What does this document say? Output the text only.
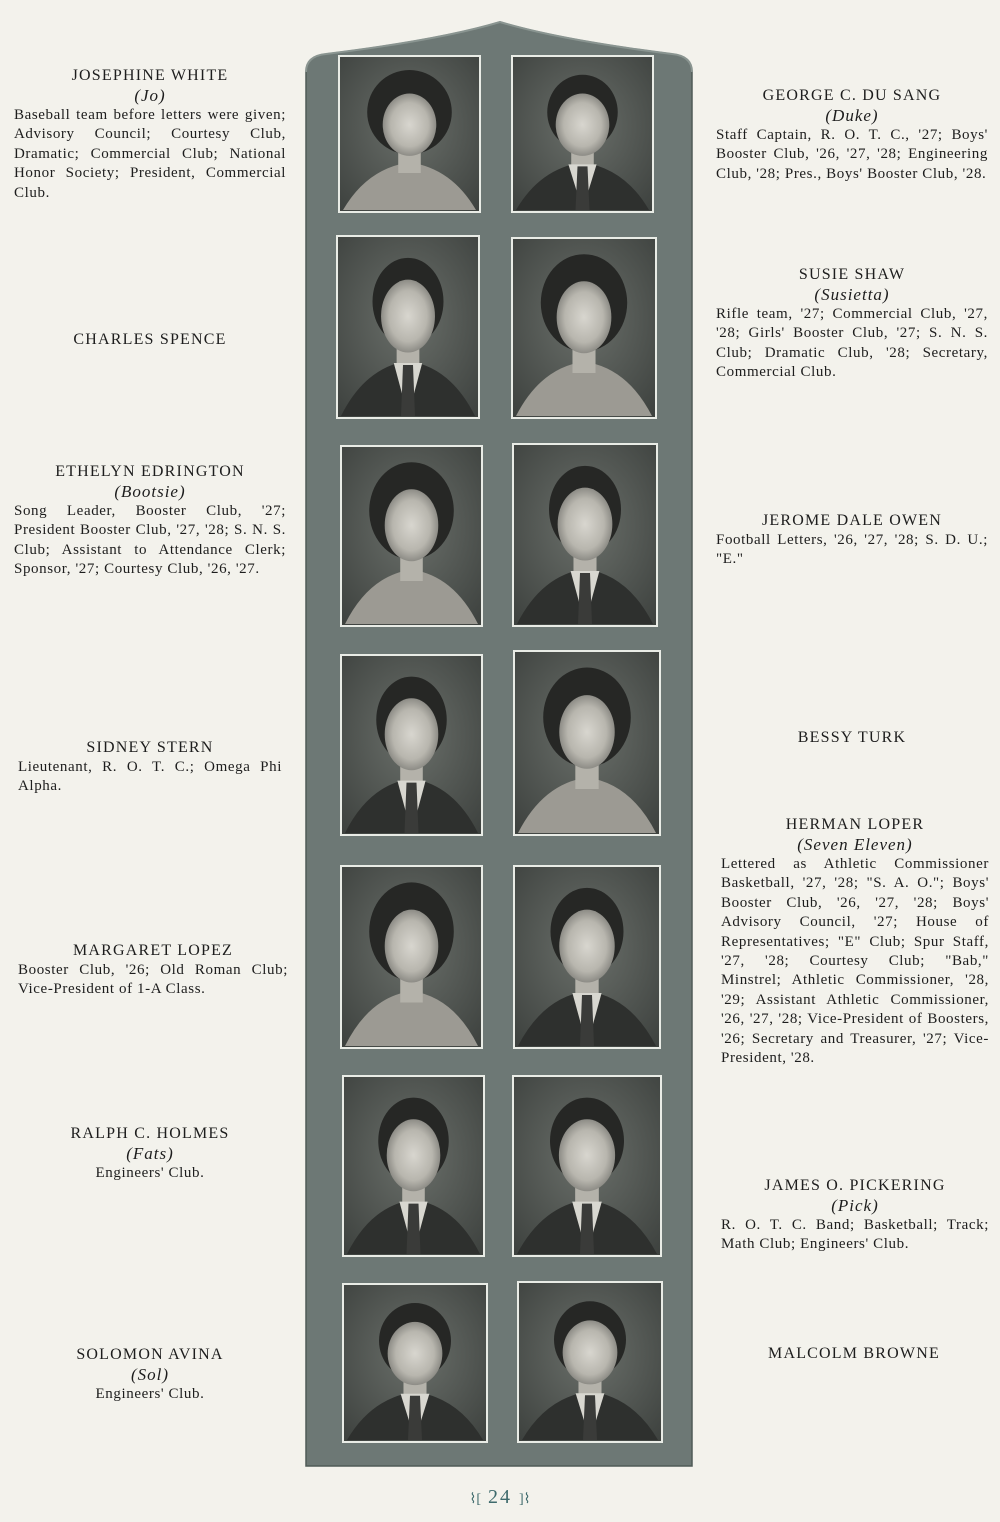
JOSEPHINE WHITE

(Jo)

Baseball team before letters were given; Advisory Council; Courtesy Club, Dramatic; Commercial Club; National Honor Society; President, Commercial Club.

CHARLES SPENCE

ETHELYN EDRINGTON

(Bootsie)

Song Leader, Booster Club, '27; President Booster Club, '27, '28; S. N. S. Club; Assistant to Attendance Clerk; Sponsor, '27; Courtesy Club, '26, '27.

SIDNEY STERN

Lieutenant, R. O. T. C.; Omega Phi Alpha.

MARGARET LOPEZ

Booster Club, '26; Old Roman Club; Vice-President of 1-A Class.

RALPH C. HOLMES

(Fats)

Engineers' Club.

SOLOMON AVINA

(Sol)

Engineers' Club.

GEORGE C. DU SANG

(Duke)

Staff Captain, R. O. T. C., '27; Boys' Booster Club, '26, '27, '28; Engineering Club, '28; Pres., Boys' Booster Club, '28.

SUSIE SHAW

(Susietta)

Rifle team, '27; Commercial Club, '27, '28; Girls' Booster Club, '27; S. N. S. Club; Dramatic Club, '28; Secretary, Commercial Club.

JEROME DALE OWEN

Football Letters, '26, '27, '28; S. D. U.; "E."

BESSY TURK

HERMAN LOPER

(Seven Eleven)

Lettered as Athletic Commissioner Basketball, '27, '28; "S. A. O."; Boys' Booster Club, '26, '27, '28; Boys' Advisory Council, '27; House of Representatives; "E" Club; Spur Staff, '27, '28; Courtesy Club; "Bab," Minstrel; Athletic Commissioner, '28, '29; Assistant Athletic Commissioner, '26, '27, '28; Vice-President of Boosters, '26; Secretary and Treasurer, '27; Vice-President, '28.

JAMES O. PICKERING

(Pick)

R. O. T. C. Band; Basketball; Track; Math Club; Engineers' Club.

MALCOLM BROWNE

⌇[ 24 ]⌇
